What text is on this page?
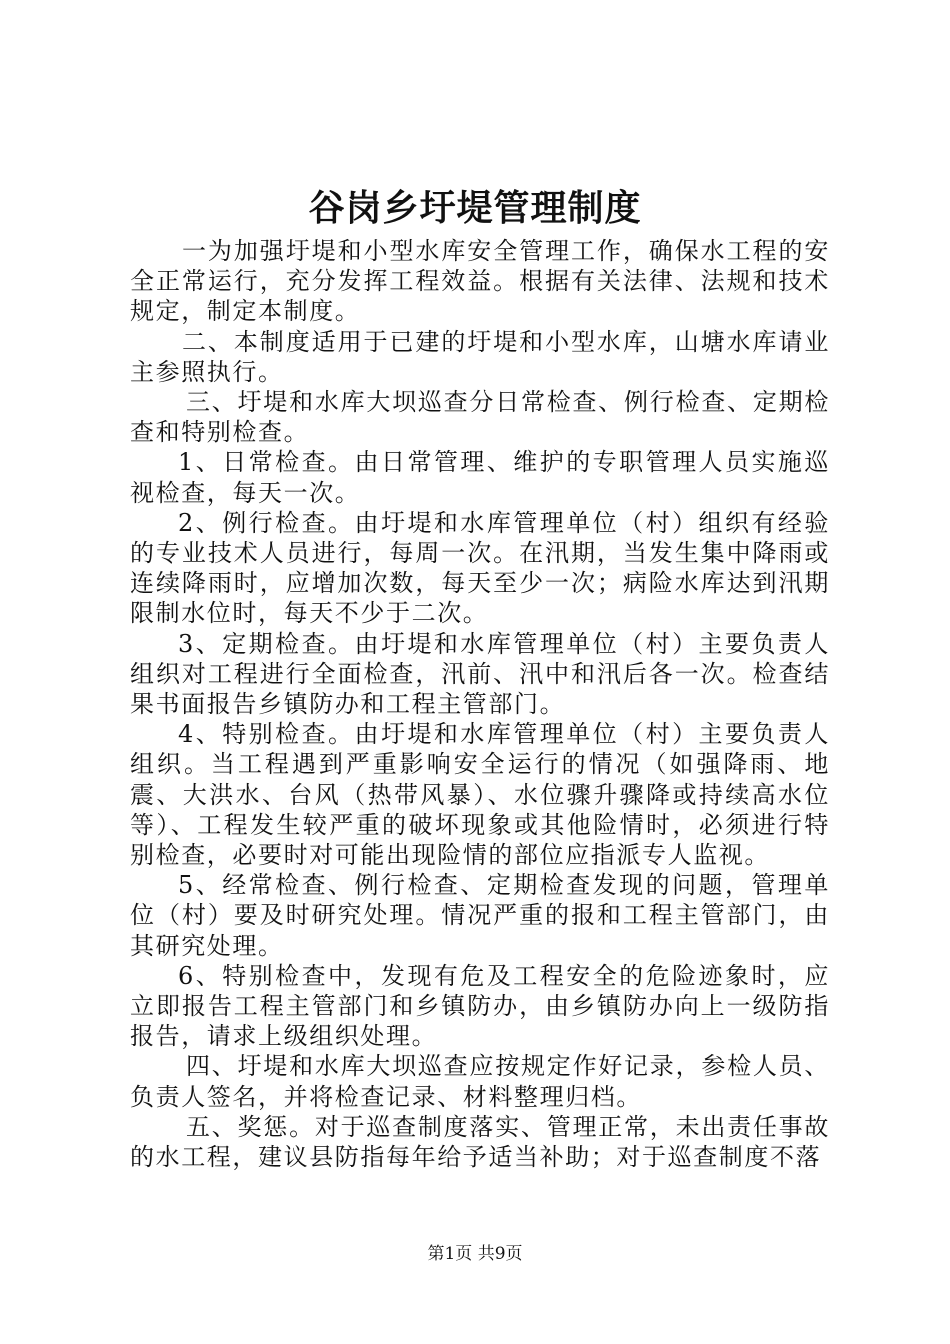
谷岗乡圩堤管理制度

一为加强圩堤和小型水库安全管理工作，确保水工程的安全正常运行，充分发挥工程效益。根据有关法律、法规和技术规定，制定本制度。

二、本制度适用于已建的圩堤和小型水库，山塘水库请业主参照执行。

三、圩堤和水库大坝巡查分日常检查、例行检查、定期检查和特别检查。

1、日常检查。由日常管理、维护的专职管理人员实施巡视检查，每天一次。

2、例行检查。由圩堤和水库管理单位（村）组织有经验的专业技术人员进行，每周一次。在汛期，当发生集中降雨或连续降雨时，应增加次数，每天至少一次；病险水库达到汛期限制水位时，每天不少于二次。

3、定期检查。由圩堤和水库管理单位（村）主要负责人组织对工程进行全面检查，汛前、汛中和汛后各一次。检查结果书面报告乡镇防办和工程主管部门。

4、特别检查。由圩堤和水库管理单位（村）主要负责人组织。当工程遇到严重影响安全运行的情况（如强降雨、地震、大洪水、台风（热带风暴）、水位骤升骤降或持续高水位等）、工程发生较严重的破坏现象或其他险情时，必须进行特别检查，必要时对可能出现险情的部位应指派专人监视。

5、经常检查、例行检查、定期检查发现的问题，管理单位（村）要及时研究处理。情况严重的报和工程主管部门，由其研究处理。

6、特别检查中，发现有危及工程安全的危险迹象时，应立即报告工程主管部门和乡镇防办，由乡镇防办向上一级防指报告，请求上级组织处理。

四、圩堤和水库大坝巡查应按规定作好记录，参检人员、负责人签名，并将检查记录、材料整理归档。

五、奖惩。对于巡查制度落实、管理正常，未出责任事故的水工程，建议县防指每年给予适当补助；对于巡查制度不落

第1页 共9页
